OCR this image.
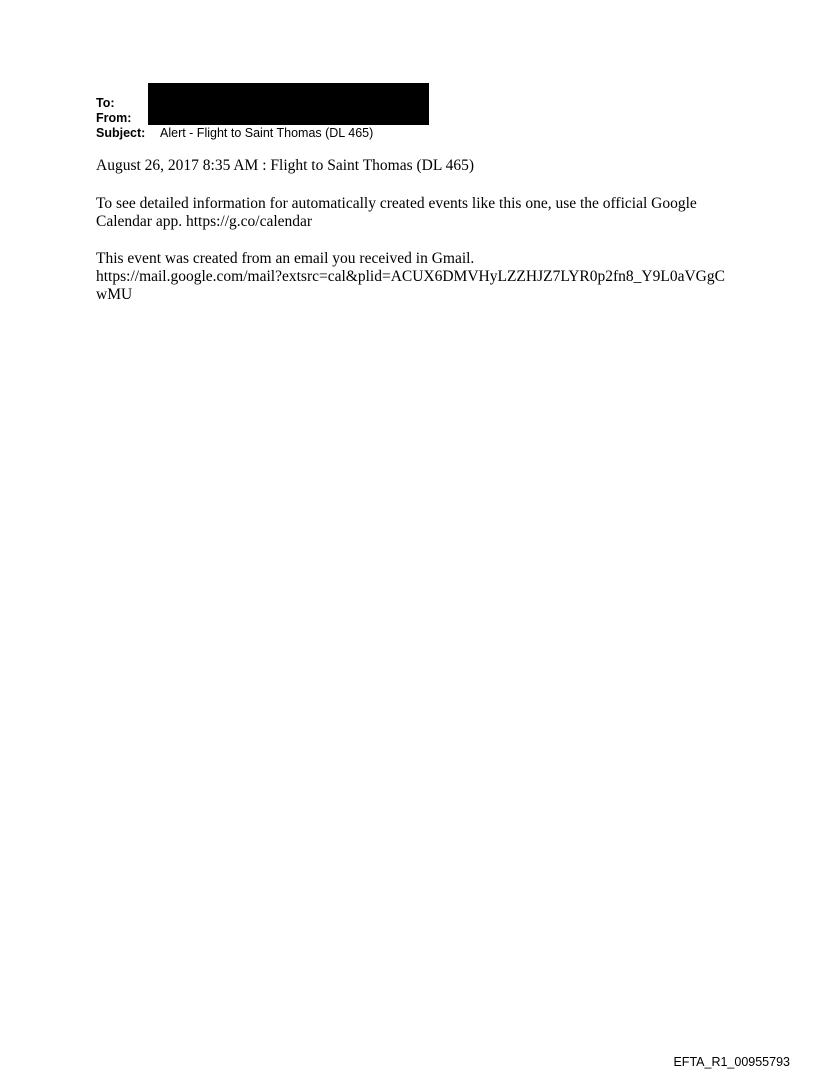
To:
From:
Subject:	Alert - Flight to Saint Thomas (DL 465)
August 26, 2017 8:35 AM : Flight to Saint Thomas (DL 465)
To see detailed information for automatically created events like this one, use the official Google Calendar app. https://g.co/calendar
This event was created from an email you received in Gmail.
https://mail.google.com/mail?extsrc=cal&plid=ACUX6DMVHyLZZHJZ7LYR0p2fn8_Y9L0aVGgCwMU
EFTA_R1_00955793
